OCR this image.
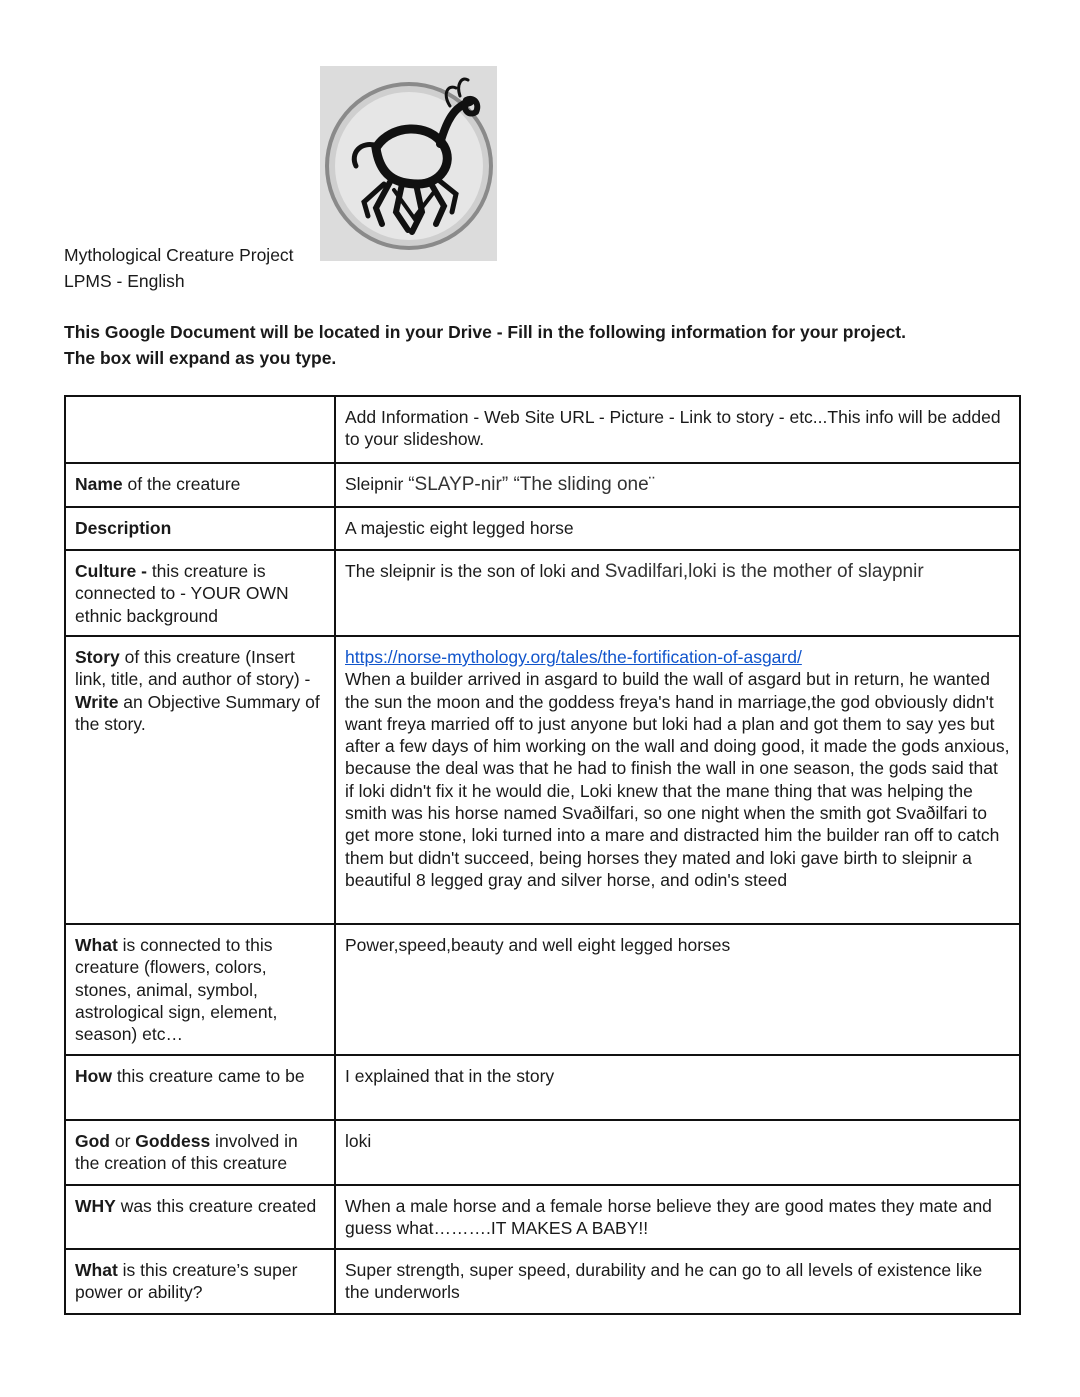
Mythological Creature Project
LPMS - English
This Google Document will be located in your Drive - Fill in the following information for your project.
The box will expand as you type.
	Add Information - Web Site URL - Picture - Link to story - etc...This info will be added to your slideshow.
Name of the creature	Sleipnir “SLAYP-nir” “The sliding one¨
Description	A majestic eight legged horse
Culture - this creature is connected to - YOUR OWN ethnic background	The sleipnir is the son of loki and Svadilfari,loki is the mother of slaypnir
Story of this creature (Insert link, title, and author of story) - Write an Objective Summary of the story.	https://norse-mythology.org/tales/the-fortification-of-asgard/
When a builder arrived in asgard to build the wall of asgard but in return, he wanted the sun the moon and the goddess freya's hand in marriage,the god obviously didn't want freya married off to just anyone but loki had a plan and got them to say yes but after a few days of him working on the wall and doing good, it made the gods anxious, because the deal was that he had to finish the wall in one season, the gods said that if loki didn't fix it he would die, Loki knew that the mane thing that was helping the smith was his horse named Svaðilfari, so one night when the smith got Svaðilfari to get more stone, loki turned into a mare and distracted him the builder ran off to catch them but didn't succeed, being horses they mated and loki gave birth to sleipnir a beautiful 8 legged gray and silver horse, and odin's steed
What is connected to this creature (flowers, colors, stones, animal, symbol, astrological sign, element, season) etc…	Power,speed,beauty and well eight legged horses
How this creature came to be	I explained that in the story
God or Goddess involved in the creation of this creature	loki
WHY was this creature created	When a male horse and a female horse believe they are good mates they mate and guess what……….IT MAKES A BABY!!
What is this creature’s super power or ability?	Super strength, super speed, durability and he can go to all levels of existence like the underworls
